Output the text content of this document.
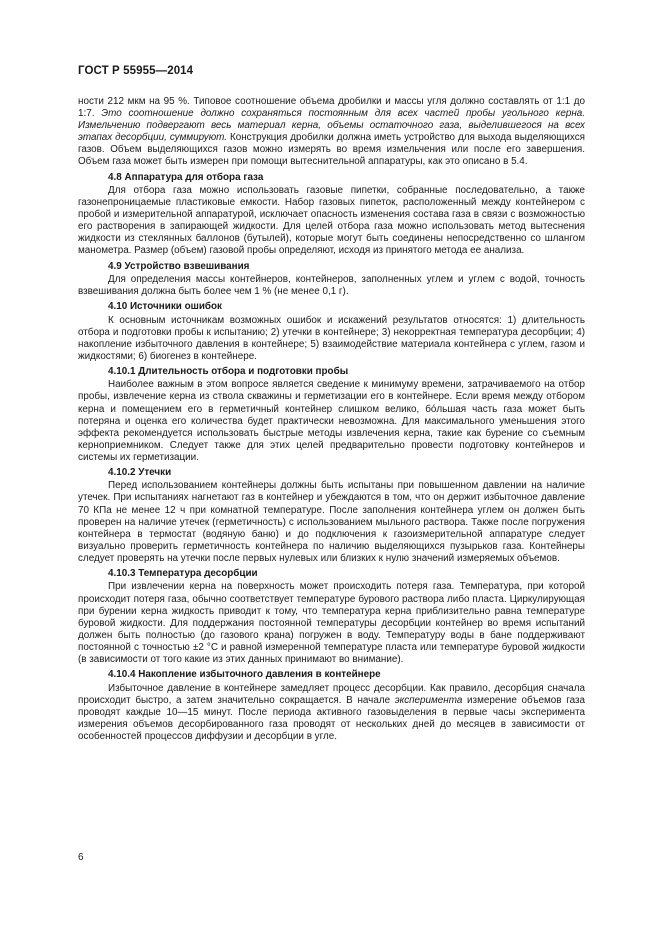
ГОСТ Р 55955—2014

ности 212 мкм на 95 %. Типовое соотношение объема дробилки и массы угля должно составлять от 1:1 до 1:7. Это соотношение должно сохраняться постоянным для всех частей пробы угольного керна. Измельчению подвергают весь материал керна, объемы остаточного газа, выделившегося на всех этапах десорбции, суммируют. Конструкция дробилки должна иметь устройство для выхода выделяющихся газов. Объем выделяющихся газов можно измерять во время измельчения или после его завершения. Объем газа может быть измерен при помощи вытеснительной аппаратуры, как это описано в 5.4.

4.8 Аппаратура для отбора газа

Для отбора газа можно использовать газовые пипетки, собранные последовательно, а также газонепроницаемые пластиковые емкости. Набор газовых пипеток, расположенный между контейнером с пробой и измерительной аппаратурой, исключает опасность изменения состава газа в связи с возможностью его растворения в запирающей жидкости. Для целей отбора газа можно использовать метод вытеснения жидкости из стеклянных баллонов (бутылей), которые могут быть соединены непосредственно со шлангом манометра. Размер (объем) газовой пробы определяют, исходя из принятого метода ее анализа.

4.9 Устройство взвешивания

Для определения массы контейнеров, контейнеров, заполненных углем и углем с водой, точность взвешивания должна быть более чем 1 % (не менее 0,1 г).

4.10 Источники ошибок

К основным источникам возможных ошибок и искажений результатов относятся: 1) длительность отбора и подготовки пробы к испытанию; 2) утечки в контейнере; 3) некорректная температура десорбции; 4) накопление избыточного давления в контейнере; 5) взаимодействие материала контейнера с углем, газом и жидкостями; 6) биогенез в контейнере.

4.10.1 Длительность отбора и подготовки пробы

Наиболее важным в этом вопросе является сведение к минимуму времени, затрачиваемого на отбор пробы, извлечение керна из ствола скважины и герметизации его в контейнере. Если время между отбором керна и помещением его в герметичный контейнер слишком велико, бóльшая часть газа может быть потеряна и оценка его количества будет практически невозможна. Для максимального уменьшения этого эффекта рекомендуется использовать быстрые методы извлечения керна, такие как бурение со съемным керноприемником. Следует также для этих целей предварительно провести подготовку контейнеров и системы их герметизации.

4.10.2 Утечки

Перед использованием контейнеры должны быть испытаны при повышенном давлении на наличие утечек. При испытаниях нагнетают газ в контейнер и убеждаются в том, что он держит избыточное давление 70 КПа не менее 12 ч при комнатной температуре. После заполнения контейнера углем он должен быть проверен на наличие утечек (герметичность) с использованием мыльного раствора. Также после погружения контейнера в термостат (водяную баню) и до подключения к газоизмерительной аппаратуре следует визуально проверить герметичность контейнера по наличию выделяющихся пузырьков газа. Контейнеры следует проверять на утечки после первых нулевых или близких к нулю значений измеряемых объемов.

4.10.3 Температура десорбции

При извлечении керна на поверхность может происходить потеря газа. Температура, при которой происходит потеря газа, обычно соответствует температуре бурового раствора либо пласта. Циркулирующая при бурении керна жидкость приводит к тому, что температура керна приблизительно равна температуре буровой жидкости. Для поддержания постоянной температуры десорбции контейнер во время испытаний должен быть полностью (до газового крана) погружен в воду. Температуру воды в бане поддерживают постоянной с точностью ±2 °С и равной измеренной температуре пласта или температуре буровой жидкости (в зависимости от того какие из этих данных принимают во внимание).

4.10.4 Накопление избыточного давления в контейнере

Избыточное давление в контейнере замедляет процесс десорбции. Как правило, десорбция сначала происходит быстро, а затем значительно сокращается. В начале эксперимента измерение объемов газа проводят каждые 10—15 минут. После периода активного газовыделения в первые часы эксперимента измерения объемов десорбированного газа проводят от нескольких дней до месяцев в зависимости от особенностей процессов диффузии и десорбции в угле.

6
